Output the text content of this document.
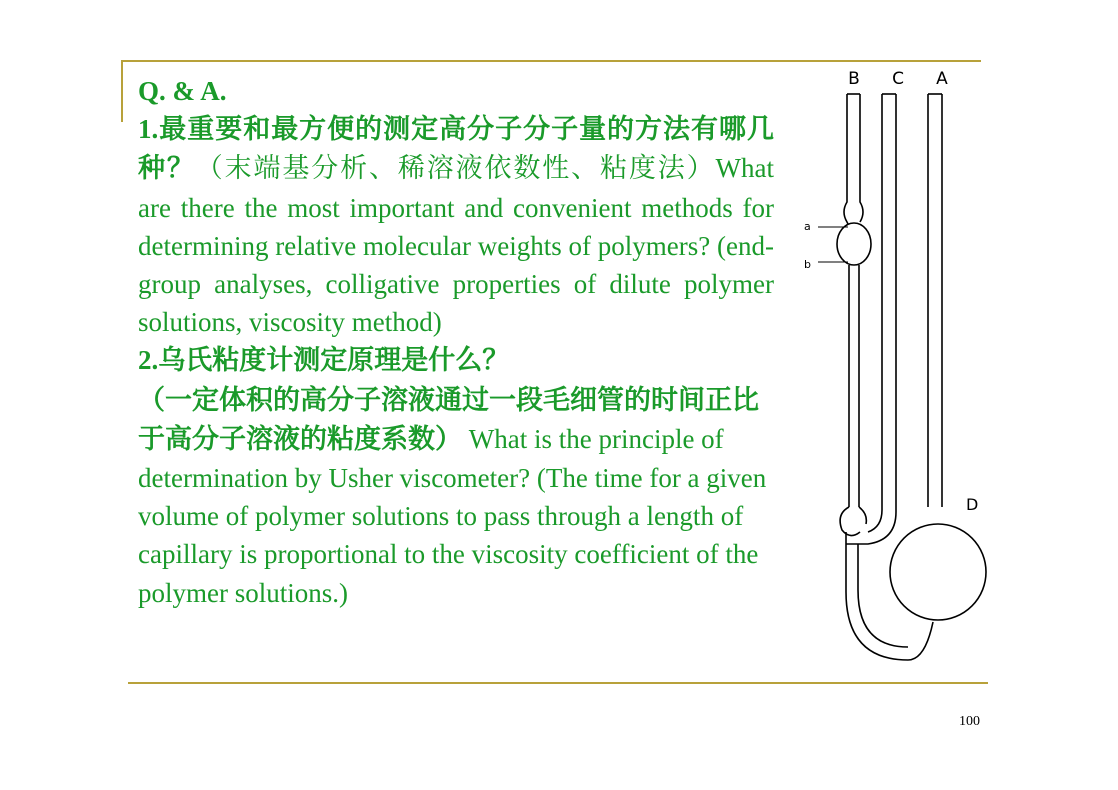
Q. & A.

1.最重要和最方便的测定高分子分子量的方法有哪几种？（末端基分析、稀溶液依数性、粘度法）What are there the most important and convenient methods for determining relative molecular weights of polymers? (end-group analyses, colligative properties of dilute polymer solutions, viscosity method)

2.乌氏粘度计测定原理是什么？
（一定体积的高分子溶液通过一段毛细管的时间正比于高分子溶液的粘度系数） What is the principle of determination by Usher viscometer? (The time for a given volume of polymer solutions to pass through a length of capillary is proportional to the viscosity coefficient of the polymer solutions.)

B C A
a
b
D
100
